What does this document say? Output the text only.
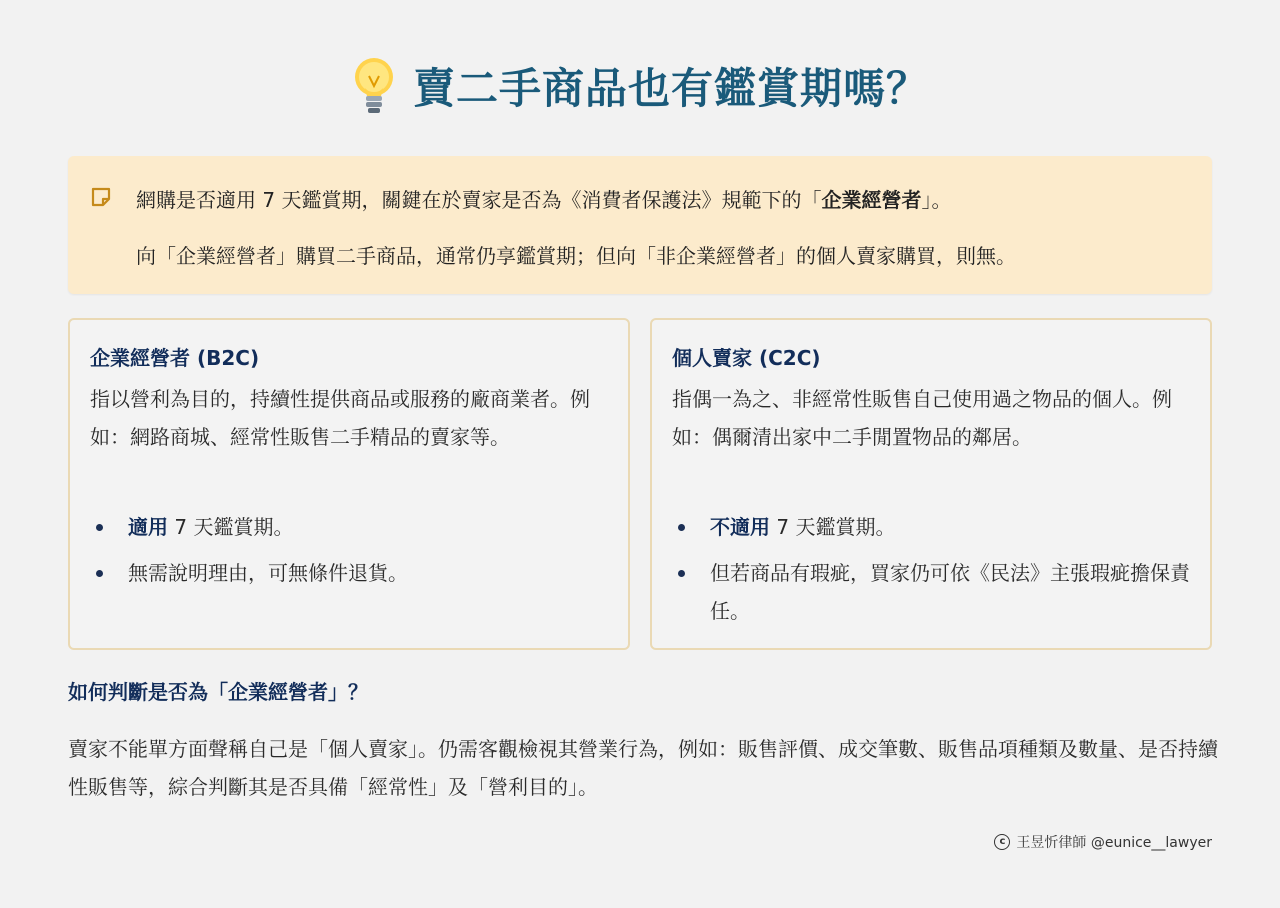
賣二手商品也有鑑賞期嗎？

網購是否適用 7 天鑑賞期，關鍵在於賣家是否為《消費者保護法》規範下的「企業經營者」。

向「企業經營者」購買二手商品，通常仍享鑑賞期；但向「非企業經營者」的個人賣家購買，則無。

企業經營者 (B2C)
指以營利為目的，持續性提供商品或服務的廠商業者。例如：網路商城、經常性販售二手精品的賣家等。
適用 7 天鑑賞期。
無需說明理由，可無條件退貨。
個人賣家 (C2C)
指偶一為之、非經常性販售自己使用過之物品的個人。例如：偶爾清出家中二手閒置物品的鄰居。
不適用 7 天鑑賞期。
但若商品有瑕疵，買家仍可依《民法》主張瑕疵擔保責任。
如何判斷是否為「企業經營者」？

賣家不能單方面聲稱自己是「個人賣家」。仍需客觀檢視其營業行為，例如：販售評價、成交筆數、販售品項種類及數量、是否持續性販售等，綜合判斷其是否具備「經常性」及「營利目的」。

c 王昱忻律師 @eunice__lawyer
